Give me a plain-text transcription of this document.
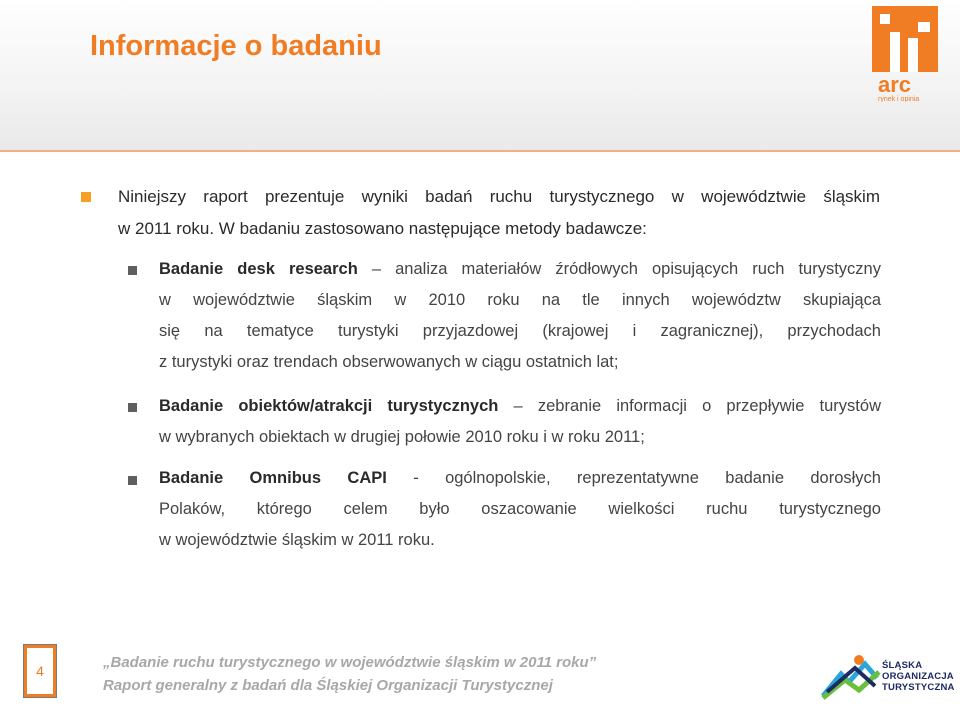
Informacje o badaniu
arc
rynek i opinia
Niniejszy raport prezentuje wyniki badań ruchu turystycznego w województwie śląskim
w 2011 roku. W badaniu zastosowano następujące metody badawcze:
Badanie desk research – analiza materiałów źródłowych opisujących ruch turystyczny
w województwie śląskim w 2010 roku na tle innych województw skupiająca
się na tematyce turystyki przyjazdowej (krajowej i zagranicznej), przychodach
z turystyki oraz trendach obserwowanych w ciągu ostatnich lat;
Badanie obiektów/atrakcji turystycznych – zebranie informacji o przepływie turystów
w wybranych obiektach w drugiej połowie 2010 roku i w roku 2011;
Badanie Omnibus CAPI - ogólnopolskie, reprezentatywne badanie dorosłych
Polaków, którego celem było oszacowanie wielkości ruchu turystycznego
w województwie śląskim w 2011 roku.
4	„Badanie ruchu turystycznego w województwie śląskim w 2011 roku”
Raport generalny z badań dla Śląskiej Organizacji Turystycznej
ŚLĄSKA
ORGANIZACJA
TURYSTYCZNA
